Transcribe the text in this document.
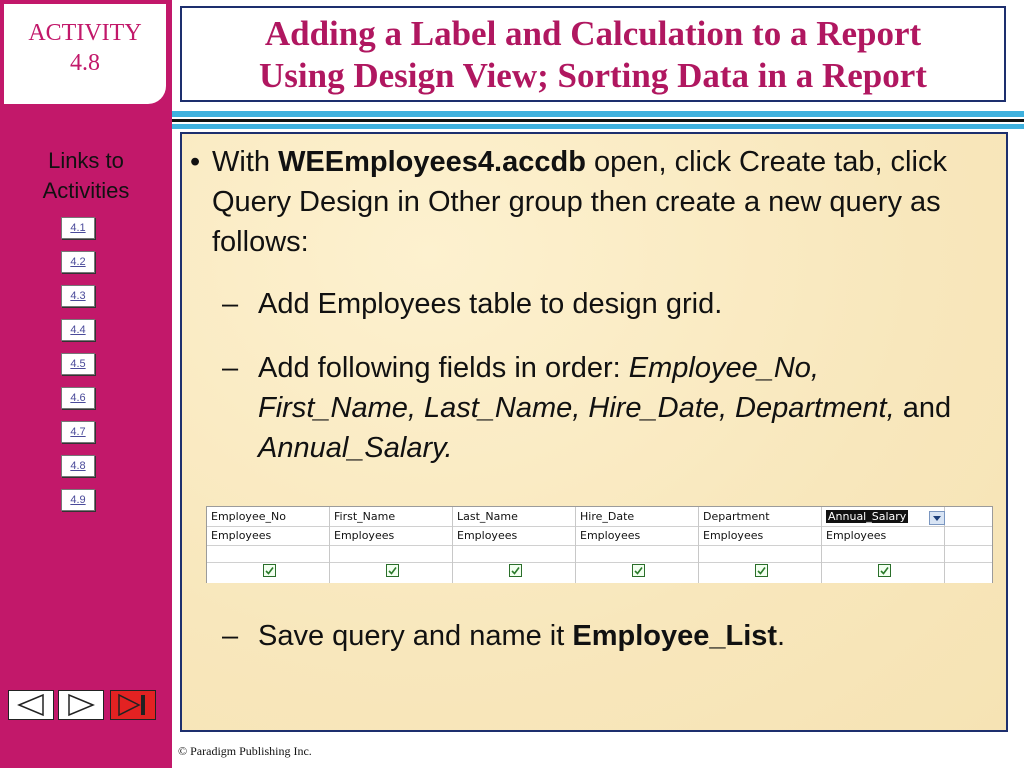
ACTIVITY
4.8
Links to
Activities
4.1
4.2
4.3
4.4
4.5
4.6
4.7
4.8
4.9
Adding a Label and Calculation to a Report
Using Design View; Sorting Data in a Report
• With WEEmployees4.accdb open, click Create tab, click Query Design in Other group then create a new query as follows:
– Add Employees table to design grid.
– Add following fields in order: Employee_No, First_Name, Last_Name, Hire_Date, Department, and Annual_Salary.
Employee_No
Employees
First_Name
Employees
Last_Name
Employees
Hire_Date
Employees
Department
Employees
Annual_Salary
Employees
– Save query and name it Employee_List.
© Paradigm Publishing Inc.
